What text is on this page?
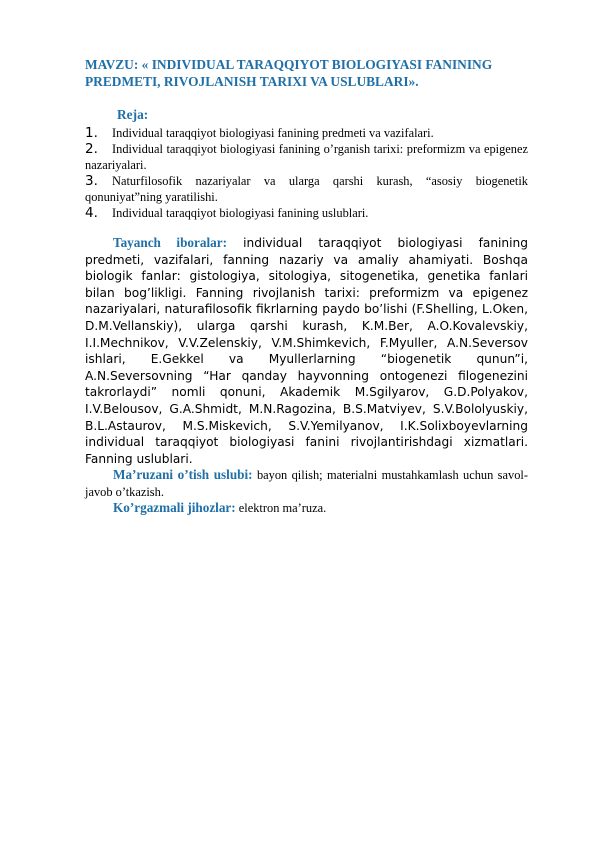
MAVZU: « INDIVIDUAL TARAQQIYOT BIOLOGIYASI FANINING PREDMETI, RIVOJLANISH TARIXI VA USLUBLARI».

Reja:
1. Individual taraqqiyot biologiyasi fanining predmeti va vazifalari.
2. Individual taraqqiyot biologiyasi fanining o’rganish tarixi: preformizm va epigenez nazariyalari.
3. Naturfilosofik nazariyalar va ularga qarshi kurash, “asosiy biogenetik qonuniyat”ning yaratilishi.
4. Individual taraqqiyot biologiyasi fanining uslublari.

Tayanch iboralar: individual taraqqiyot biologiyasi fanining predmeti, vazifalari, fanning nazariy va amaliy ahamiyati. Boshqa biologik fanlar: gistologiya, sitologiya, sitogenetika, genetika fanlari bilan bog’likligi. Fanning rivojlanish tarixi: preformizm va epigenez nazariyalari, naturafilosofik fikrlarning paydo bo’lishi (F.Shelling, L.Oken, D.M.Vellanskiy), ularga qarshi kurash, K.M.Ber, A.O.Kovalevskiy, I.I.Mechnikov, V.V.Zelenskiy, V.M.Shimkevich, F.Myuller, A.N.Seversov ishlari, E.Gekkel va Myullerlarning “biogenetik qunun”i, A.N.Seversovning “Har qanday hayvonning ontogenezi filogenezini takrorlaydi” nomli qonuni, Akademik M.Sgilyarov, G.D.Polyakov, I.V.Belousov, G.A.Shmidt, M.N.Ragozina, B.S.Matviyev, S.V.Bololyuskiy, B.L.Astaurov, M.S.Miskevich, S.V.Yemilyanov, I.K.Solixboyevlarning individual taraqqiyot biologiyasi fanini rivojlantirishdagi xizmatlari. Fanning uslublari.

Ma’ruzani o’tish uslubi: bayon qilish; materialni mustahkamlash uchun savol-javob o’tkazish.

Ko’rgazmali jihozlar: elektron ma’ruza.
